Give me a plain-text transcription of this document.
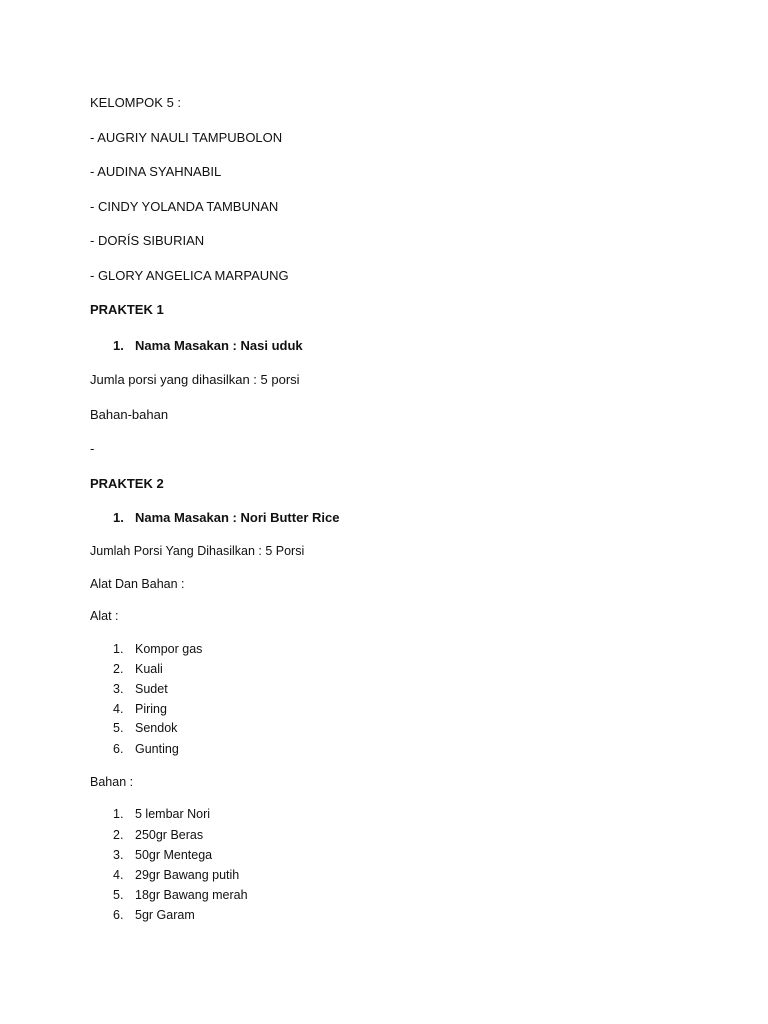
KELOMPOK 5 :
- AUGRIY NAULI TAMPUBOLON
- AUDINA SYAHNABIL
- CINDY YOLANDA TAMBUNAN
- DORÍS SIBURIAN
- GLORY ANGELICA MARPAUNG
PRAKTEK 1
1. Nama Masakan : Nasi uduk
Jumla porsi yang dihasilkan : 5 porsi
Bahan-bahan
-
PRAKTEK 2
1. Nama Masakan : Nori Butter Rice
Jumlah Porsi Yang Dihasilkan : 5 Porsi
Alat Dan Bahan :
Alat :
1. Kompor gas
2. Kuali
3. Sudet
4. Piring
5. Sendok
6. Gunting
Bahan :
1. 5 lembar Nori
2. 250gr Beras
3. 50gr Mentega
4. 29gr Bawang putih
5. 18gr Bawang merah
6. 5gr Garam
